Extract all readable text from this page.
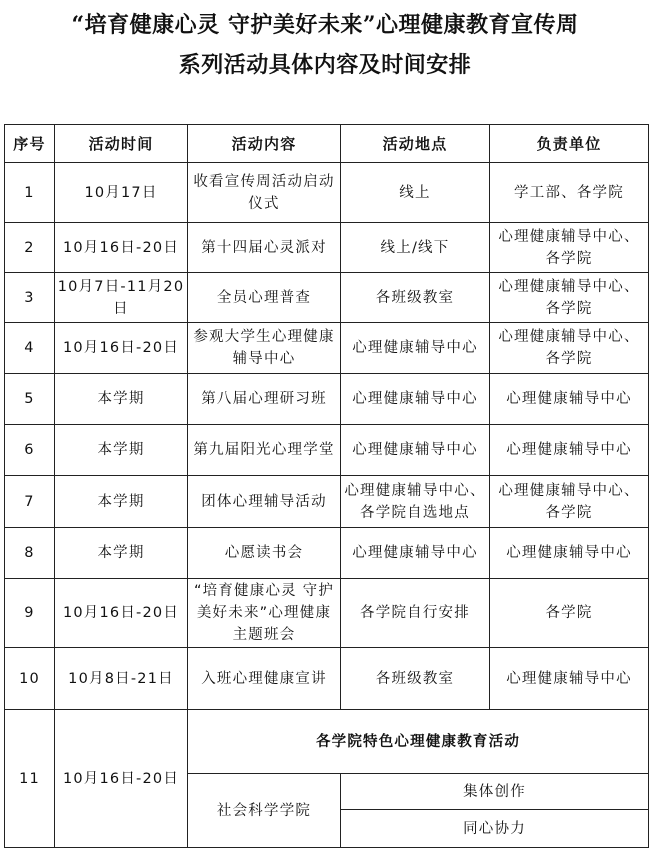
“培育健康心灵 守护美好未来”心理健康教育宣传周
系列活动具体内容及时间安排
序号	活动时间	活动内容	活动地点	负责单位
1	10月17日	收看宣传周活动启动仪式	线上	学工部、各学院
2	10月16日-20日	第十四届心灵派对	线上/线下	心理健康辅导中心、各学院
3	10月7日-11月20日	全员心理普查	各班级教室	心理健康辅导中心、各学院
4	10月16日-20日	参观大学生心理健康辅导中心	心理健康辅导中心	心理健康辅导中心、各学院
5	本学期	第八届心理研习班	心理健康辅导中心	心理健康辅导中心
6	本学期	第九届阳光心理学堂	心理健康辅导中心	心理健康辅导中心
7	本学期	团体心理辅导活动	心理健康辅导中心、各学院自选地点	心理健康辅导中心、各学院
8	本学期	心愿读书会	心理健康辅导中心	心理健康辅导中心
9	10月16日-20日	“培育健康心灵 守护美好未来”心理健康主题班会	各学院自行安排	各学院
10	10月8日-21日	入班心理健康宣讲	各班级教室	心理健康辅导中心
11	10月16日-20日	各学院特色心理健康教育活动		
		社会科学学院	集体创作	
			同心协力	
